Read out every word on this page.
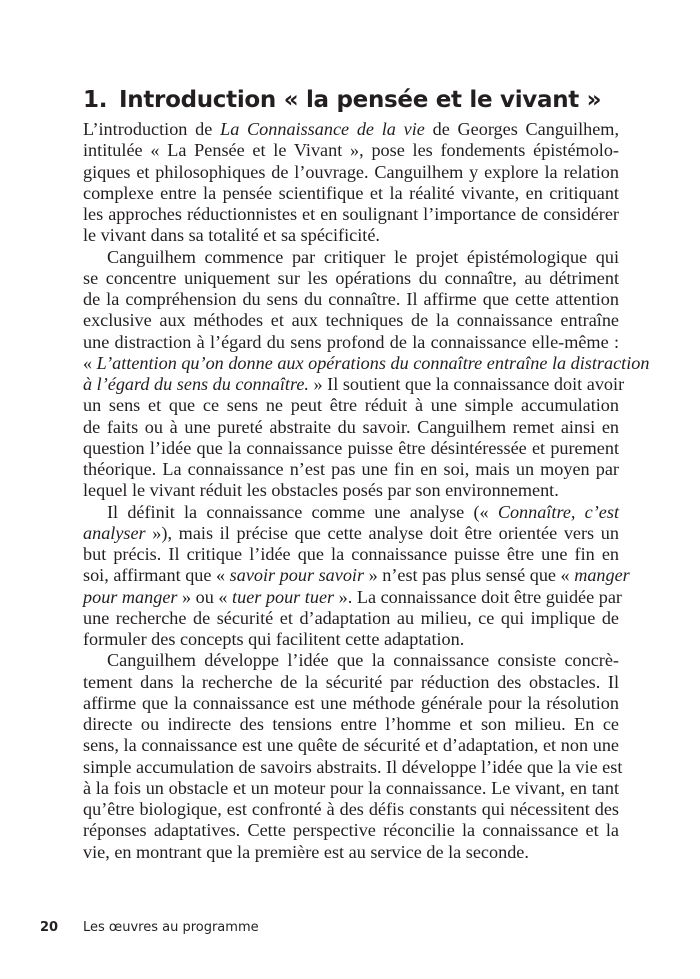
1. Introduction « la pensée et le vivant »
L’introduction de La Connaissance de la vie de Georges Canguilhem,
intitulée « La Pensée et le Vivant », pose les fondements épistémolo-
giques et philosophiques de l’ouvrage. Canguilhem y explore la relation
complexe entre la pensée scientifique et la réalité vivante, en critiquant
les approches réductionnistes et en soulignant l’importance de considérer
le vivant dans sa totalité et sa spécificité.
Canguilhem commence par critiquer le projet épistémologique qui
se concentre uniquement sur les opérations du connaître, au détriment
de la compréhension du sens du connaître. Il affirme que cette attention
exclusive aux méthodes et aux techniques de la connaissance entraîne
une distraction à l’égard du sens profond de la connaissance elle-même :
« L’attention qu’on donne aux opérations du connaître entraîne la distraction
à l’égard du sens du connaître. » Il soutient que la connaissance doit avoir
un sens et que ce sens ne peut être réduit à une simple accumulation
de faits ou à une pureté abstraite du savoir. Canguilhem remet ainsi en
question l’idée que la connaissance puisse être désintéressée et purement
théorique. La connaissance n’est pas une fin en soi, mais un moyen par
lequel le vivant réduit les obstacles posés par son environnement.
Il définit la connaissance comme une analyse (« Connaître, c’est
analyser »), mais il précise que cette analyse doit être orientée vers un
but précis. Il critique l’idée que la connaissance puisse être une fin en
soi, affirmant que « savoir pour savoir » n’est pas plus sensé que « manger
pour manger » ou « tuer pour tuer ». La connaissance doit être guidée par
une recherche de sécurité et d’adaptation au milieu, ce qui implique de
formuler des concepts qui facilitent cette adaptation.
Canguilhem développe l’idée que la connaissance consiste concrè-
tement dans la recherche de la sécurité par réduction des obstacles. Il
affirme que la connaissance est une méthode générale pour la résolution
directe ou indirecte des tensions entre l’homme et son milieu. En ce
sens, la connaissance est une quête de sécurité et d’adaptation, et non une
simple accumulation de savoirs abstraits. Il développe l’idée que la vie est
à la fois un obstacle et un moteur pour la connaissance. Le vivant, en tant
qu’être biologique, est confronté à des défis constants qui nécessitent des
réponses adaptatives. Cette perspective réconcilie la connaissance et la
vie, en montrant que la première est au service de la seconde.
20 Les œuvres au programme
